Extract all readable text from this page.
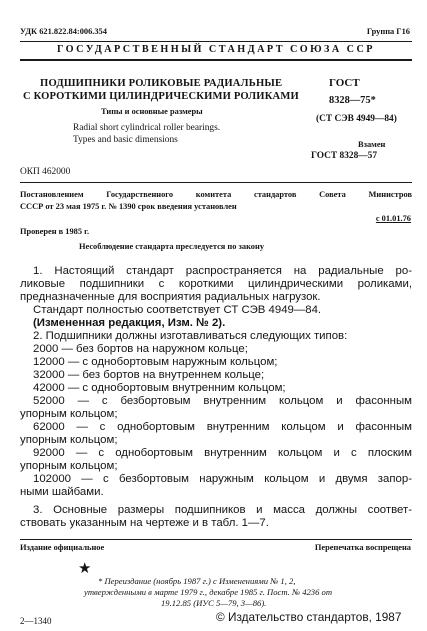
УДК 621.822.84:006.354	Группа Г16
ГОСУДАРСТВЕННЫЙ СТАНДАРТ СОЮЗА ССР
ПОДШИПНИКИ РОЛИКОВЫЕ РАДИАЛЬНЫЕ
С КОРОТКИМИ ЦИЛИНДРИЧЕСКИМИ РОЛИКАМИ
Типы и основные размеры
Radial short cylindrical roller bearings.
Types and basic dimensions
ГОСТ
8328—75*
(СТ СЭВ 4949—84)
Взамен
ГОСТ 8328—57
ОКП 462000
Постановлением Государственного комитета стандартов Совета Министров
СССР от 23 мая 1975 г. № 1390 срок введения установлен
с 01.01.76
Проверен в 1985 г.
Несоблюдение стандарта преследуется по закону
1. Настоящий стандарт распространяется на радиальные ро-
ликовые подшипники с короткими цилиндрическими роликами,
предназначенные для восприятия радиальных нагрузок.
Стандарт полностью соответствует СТ СЭВ 4949—84.
(Измененная редакция, Изм. № 2).
2. Подшипники должны изготавливаться следующих типов:
2000 — без бортов на наружном кольце;
12000 — с однобортовым наружным кольцом;
32000 — без бортов на внутреннем кольце;
42000 — с однобортовым внутренним кольцом;
52000 — с безбортовым внутренним кольцом и фасонным
упорным кольцом;
62000 — с однобортовым внутренним кольцом и фасонным
упорным кольцом;
92000 — с однобортовым внутренним кольцом и с плоским
упорным кольцом;
102000 — с безбортовым наружным кольцом и двумя запор-
ными шайбами.
3. Основные размеры подшипников и масса должны соответ-
ствовать указанным на чертеже и в табл. 1—7.
Издание официальное	Перепечатка воспрещена
★
* Переиздание (ноябрь 1987 г.) с Изменениями № 1, 2,
утвержденными в марте 1979 г., декабре 1985 г. Пост. № 4236 от
19.12.85 (ИУС 5—79, 3—86).
© Издательство стандартов, 1987
2—1340
